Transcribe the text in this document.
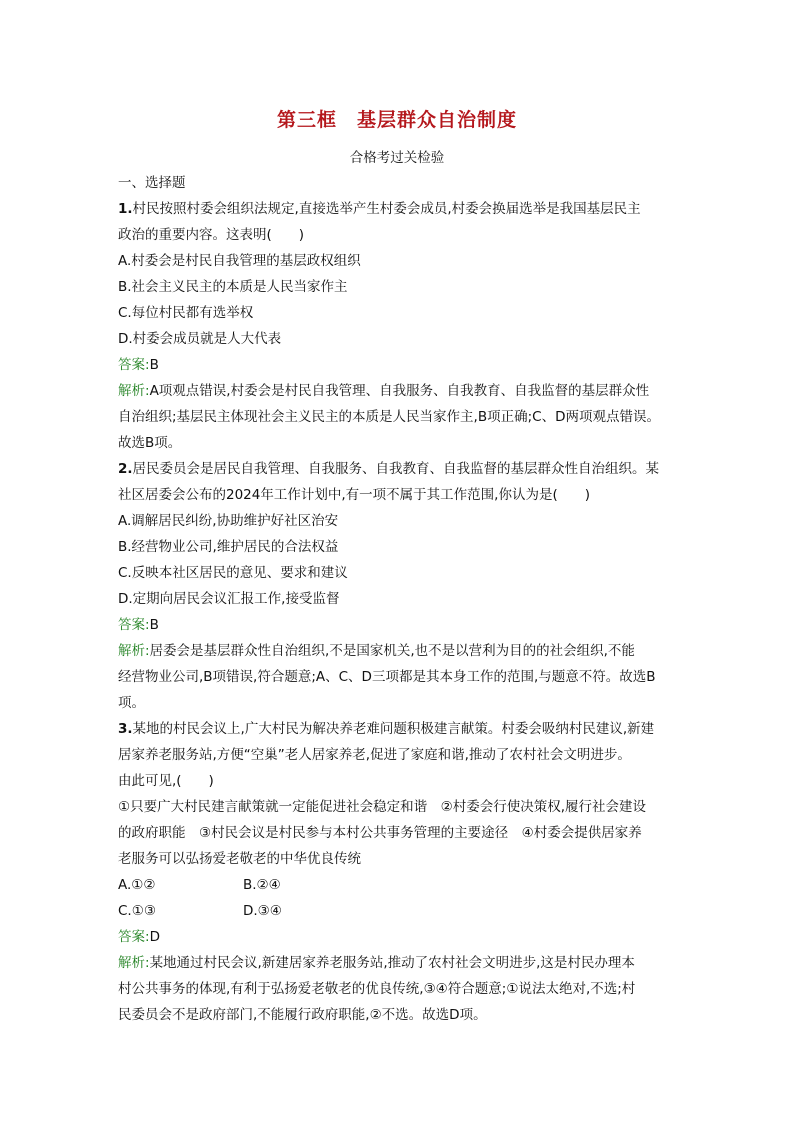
第三框　基层群众自治制度
合格考过关检验
一、选择题
1.村民按照村委会组织法规定,直接选举产生村委会成员,村委会换届选举是我国基层民主
政治的重要内容。这表明(　　)
A.村委会是村民自我管理的基层政权组织
B.社会主义民主的本质是人民当家作主
C.每位村民都有选举权
D.村委会成员就是人大代表
答案:B
解析:A项观点错误,村委会是村民自我管理、自我服务、自我教育、自我监督的基层群众性
自治组织;基层民主体现社会主义民主的本质是人民当家作主,B项正确;C、D两项观点错误。
故选B项。
2.居民委员会是居民自我管理、自我服务、自我教育、自我监督的基层群众性自治组织。某
社区居委会公布的2024年工作计划中,有一项不属于其工作范围,你认为是(　　)
A.调解居民纠纷,协助维护好社区治安
B.经营物业公司,维护居民的合法权益
C.反映本社区居民的意见、要求和建议
D.定期向居民会议汇报工作,接受监督
答案:B
解析:居委会是基层群众性自治组织,不是国家机关,也不是以营利为目的的社会组织,不能
经营物业公司,B项错误,符合题意;A、C、D三项都是其本身工作的范围,与题意不符。故选B
项。
3.某地的村民会议上,广大村民为解决养老难问题积极建言献策。村委会吸纳村民建议,新建
居家养老服务站,方便“空巢”老人居家养老,促进了家庭和谐,推动了农村社会文明进步。
由此可见,(　　)
①只要广大村民建言献策就一定能促进社会稳定和谐　②村委会行使决策权,履行社会建设
的政府职能　③村民会议是村民参与本村公共事务管理的主要途径　④村委会提供居家养
老服务可以弘扬爱老敬老的中华优良传统
A.①②	B.②④
C.①③	D.③④
答案:D
解析:某地通过村民会议,新建居家养老服务站,推动了农村社会文明进步,这是村民办理本
村公共事务的体现,有利于弘扬爱老敬老的优良传统,③④符合题意;①说法太绝对,不选;村
民委员会不是政府部门,不能履行政府职能,②不选。故选D项。
